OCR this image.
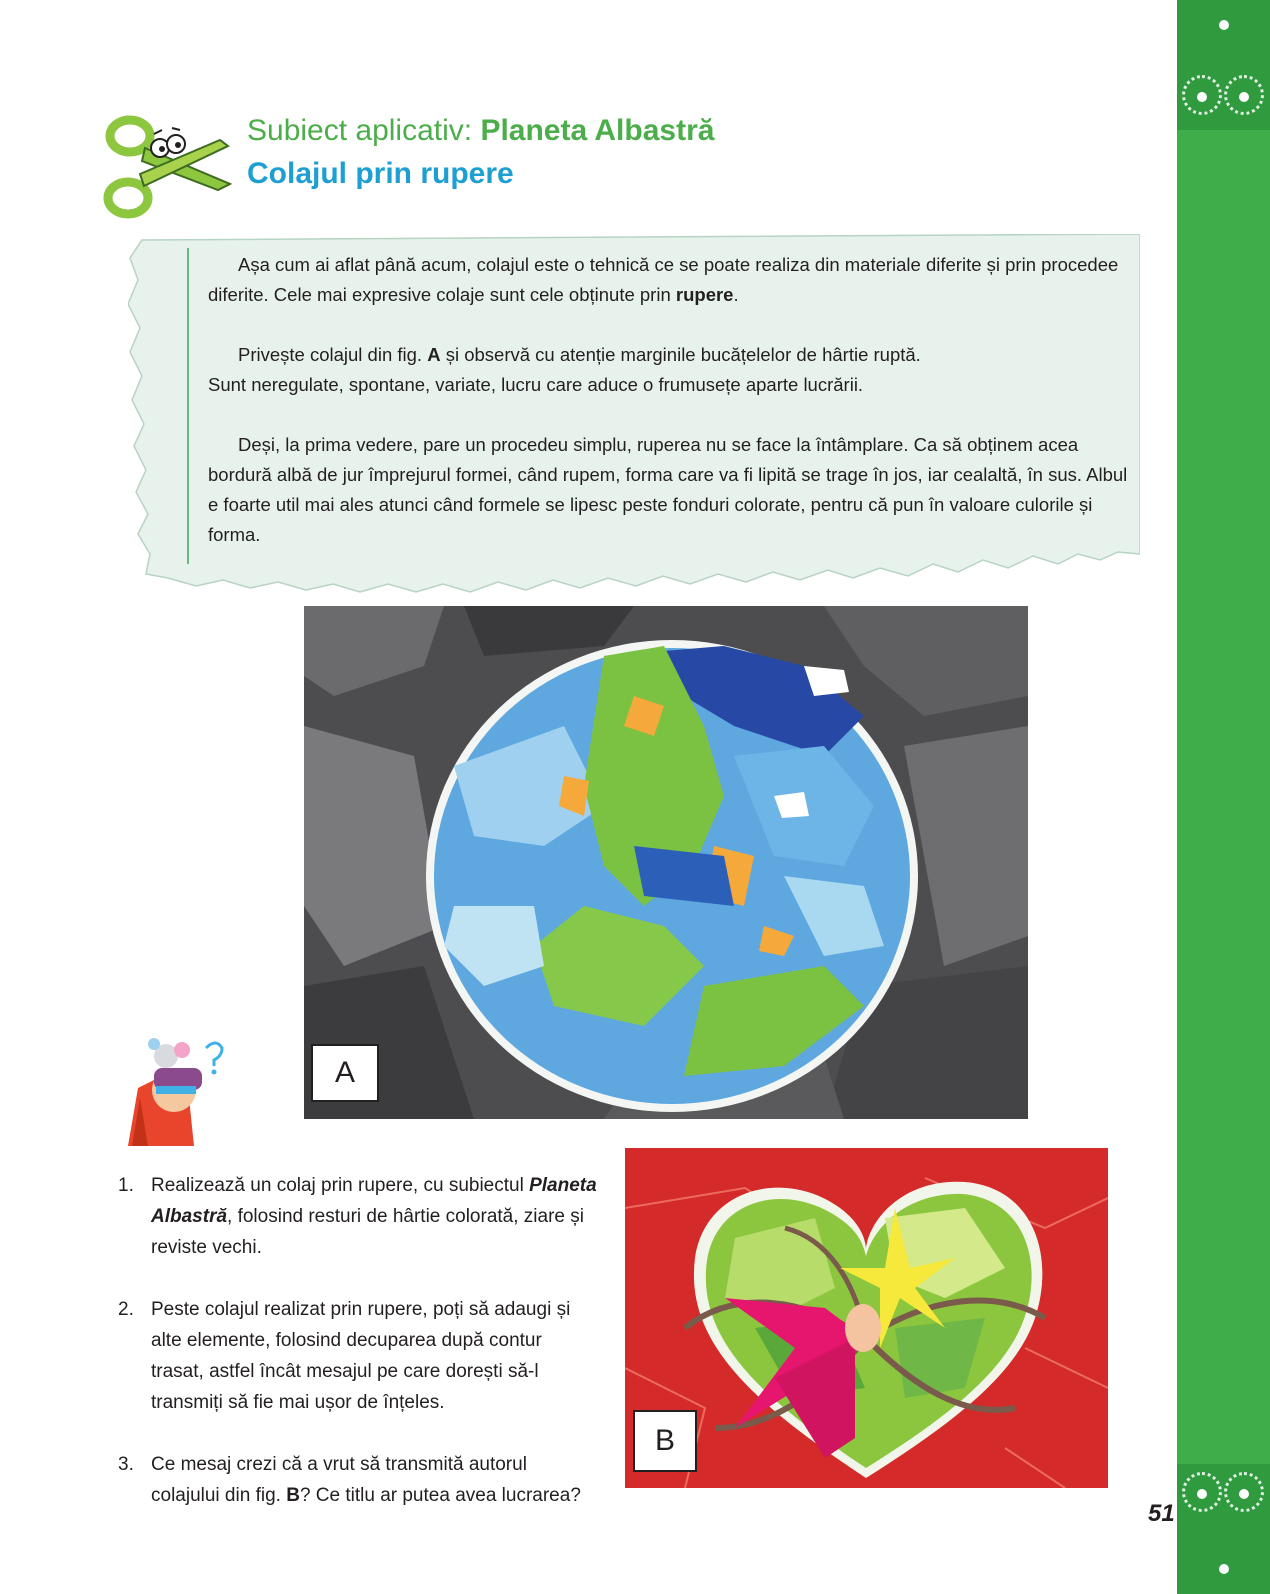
Subiect aplicativ: Planeta Albastră
Colajul prin rupere

Așa cum ai aflat până acum, colajul este o tehnică ce se poate realiza din materiale diferite și prin procedee diferite. Cele mai expresive colaje sunt cele obținute prin rupere.

Privește colajul din fig. A și observă cu atenție marginile bucățelelor de hârtie ruptă.
Sunt neregulate, spontane, variate, lucru care aduce o frumusețe aparte lucrării.

Deși, la prima vedere, pare un procedeu simplu, ruperea nu se face la întâmplare. Ca să obținem acea bordură albă de jur împrejurul formei, când rupem, forma care va fi lipită se trage în jos, iar cealaltă, în sus. Albul e foarte util mai ales atunci când formele se lipesc peste fonduri colorate, pentru că pun în valoare culorile și forma.

A
B
1. Realizează un colaj prin rupere, cu subiectul Planeta Albastră, folosind resturi de hârtie colorată, ziare și reviste vechi.
2. Peste colajul realizat prin rupere, poți să adaugi și alte elemente, folosind decuparea după contur trasat, astfel încât mesajul pe care dorești să-l transmiți să fie mai ușor de înțeles.
3. Ce mesaj crezi că a vrut să transmită autorul colajului din fig. B? Ce titlu ar putea avea lucrarea?
51
